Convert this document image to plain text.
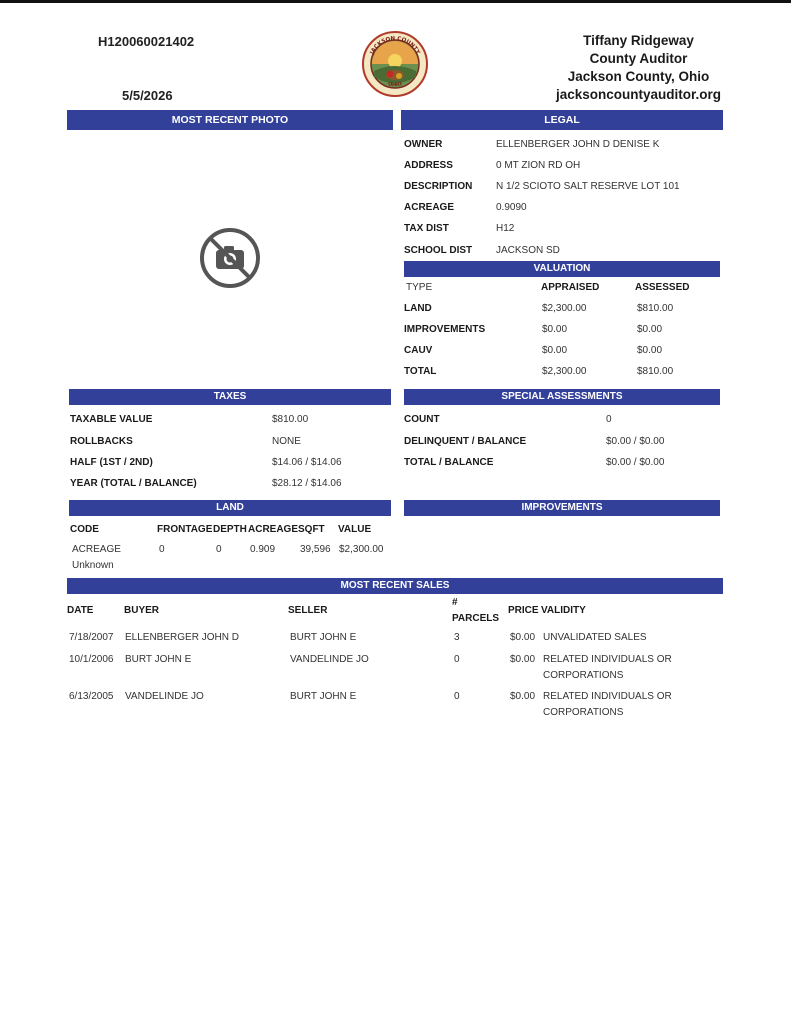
H120060021402
5/5/2026
JACKSON COUNTY
OHIO
Tiffany Ridgeway
County Auditor
Jackson County, Ohio
jacksoncountyauditor.org
MOST RECENT PHOTO	LEGAL
OWNER	ELLENBERGER JOHN D DENISE K
ADDRESS	0 MT ZION RD OH
DESCRIPTION N 1/2 SCIOTO SALT RESERVE LOT 101
ACREAGE	0.9090
TAX DIST	H12
SCHOOL DIST JACKSON SD
VALUATION
TYPE	APPRAISED	ASSESSED
LAND	$2,300.00	$810.00
IMPROVEMENTS	$0.00	$0.00
CAUV	$0.00	$0.00
TOTAL	$2,300.00	$810.00
TAXES
TAXABLE VALUE	$810.00
ROLLBACKS	NONE
HALF (1ST / 2ND)	$14.06 / $14.06
YEAR (TOTAL / BALANCE)	$28.12 / $14.06
SPECIAL ASSESSMENTS
COUNT	0
DELINQUENT / BALANCE	$0.00 / $0.00
TOTAL / BALANCE	$0.00 / $0.00
LAND
CODE	FRONTAGE DEPTH ACREAGE SQFT VALUE
ACREAGE	0	0	0.909 39,596 $2,300.00
Unknown
IMPROVEMENTS
MOST RECENT SALES
DATE	BUYER	SELLER
#
PARCELS
PRICE VALIDITY
7/18/2007 ELLENBERGER JOHN D	BURT JOHN E	3	$0.00 UNVALIDATED SALES
10/1/2006 BURT JOHN E	VANDELINDE JO	0	$0.00 RELATED INDIVIDUALS OR
CORPORATIONS
6/13/2005 VANDELINDE JO	BURT JOHN E	0	$0.00 RELATED INDIVIDUALS OR
CORPORATIONS
